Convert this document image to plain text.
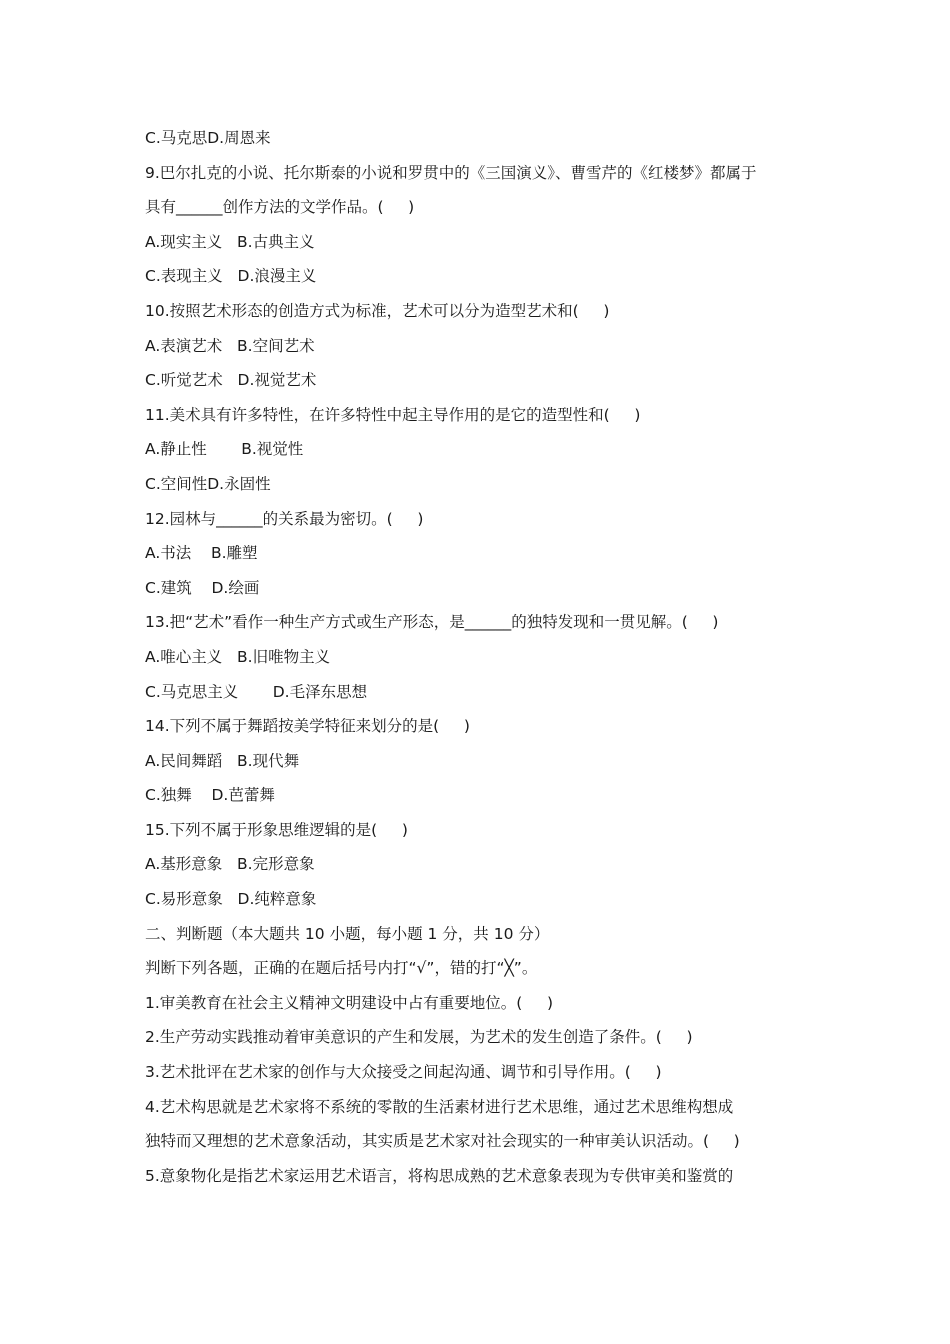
C.马克思D.周恩来
9.巴尔扎克的小说、托尔斯泰的小说和罗贯中的《三国演义》、曹雪芹的《红楼梦》都属于
具有______创作方法的文学作品。(     )
A.现实主义   B.古典主义
C.表现主义   D.浪漫主义
10.按照艺术形态的创造方式为标准，艺术可以分为造型艺术和(     )
A.表演艺术   B.空间艺术
C.听觉艺术   D.视觉艺术
11.美术具有许多特性，在许多特性中起主导作用的是它的造型性和(     )
A.静止性       B.视觉性
C.空间性D.永固性
12.园林与______的关系最为密切。(     )
A.书法    B.雕塑
C.建筑    D.绘画
13.把“艺术”看作一种生产方式或生产形态，是______的独特发现和一贯见解。(     )
A.唯心主义   B.旧唯物主义
C.马克思主义       D.毛泽东思想
14.下列不属于舞蹈按美学特征来划分的是(     )
A.民间舞蹈   B.现代舞
C.独舞    D.芭蕾舞
15.下列不属于形象思维逻辑的是(     )
A.基形意象   B.完形意象
C.易形意象   D.纯粹意象
二、判断题（本大题共 10 小题，每小题 1 分，共 10 分）
判断下列各题，正确的在题后括号内打“√”，错的打“╳”。
1.审美教育在社会主义精神文明建设中占有重要地位。(     )
2.生产劳动实践推动着审美意识的产生和发展，为艺术的发生创造了条件。(     )
3.艺术批评在艺术家的创作与大众接受之间起沟通、调节和引导作用。(     )
4.艺术构思就是艺术家将不系统的零散的生活素材进行艺术思维，通过艺术思维构想成
独特而又理想的艺术意象活动，其实质是艺术家对社会现实的一种审美认识活动。(     )
5.意象物化是指艺术家运用艺术语言，将构思成熟的艺术意象表现为专供审美和鉴赏的
